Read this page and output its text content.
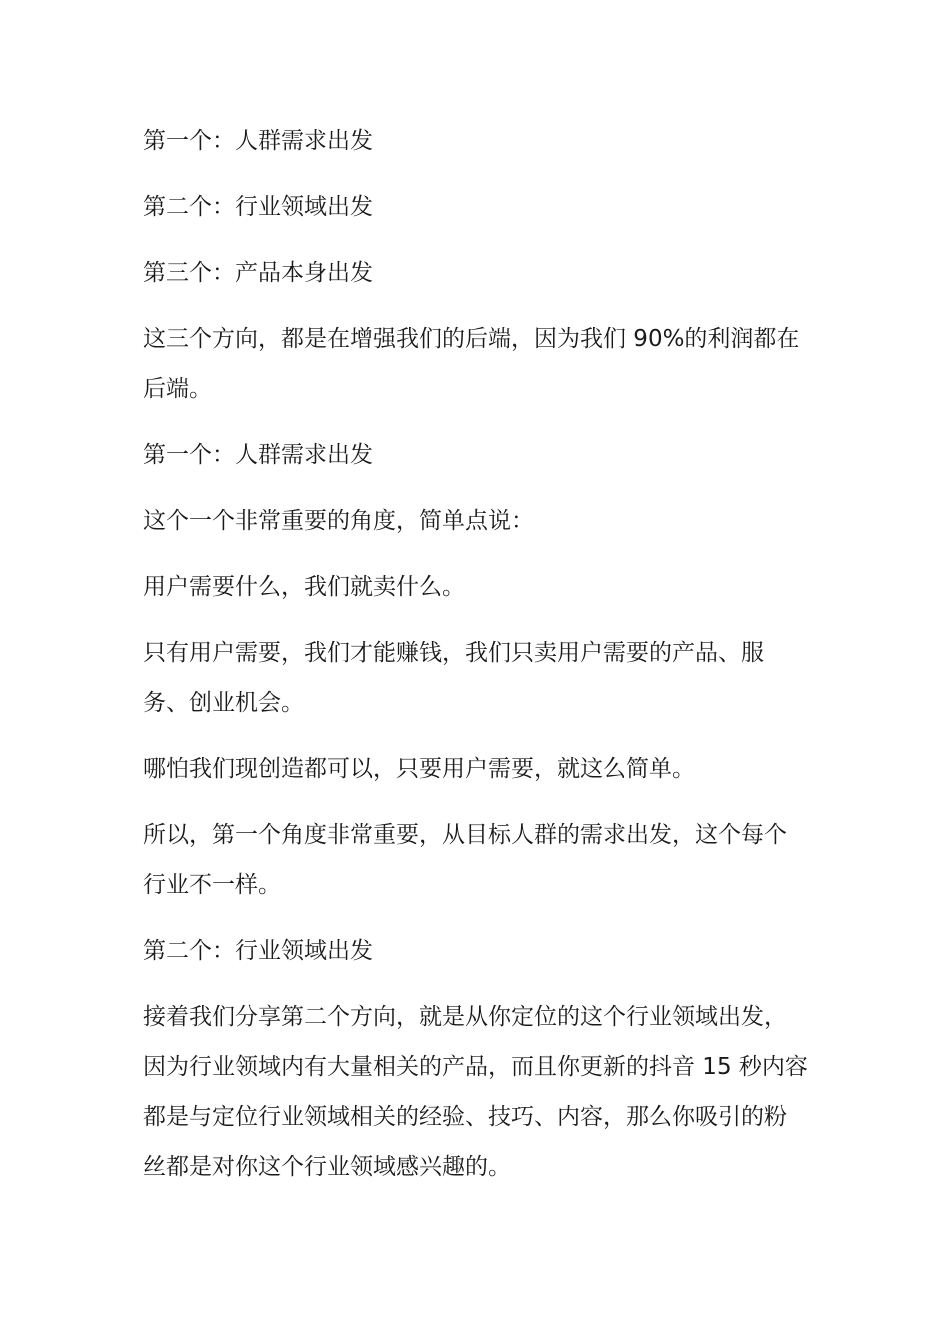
第一个：人群需求出发

第二个：行业领域出发

第三个：产品本身出发

这三个方向，都是在增强我们的后端，因为我们 90%的利润都在后端。

第一个：人群需求出发

这个一个非常重要的角度，简单点说：

用户需要什么，我们就卖什么。

只有用户需要，我们才能赚钱，我们只卖用户需要的产品、服务、创业机会。

哪怕我们现创造都可以，只要用户需要，就这么简单。

所以，第一个角度非常重要，从目标人群的需求出发，这个每个行业不一样。

第二个：行业领域出发

接着我们分享第二个方向，就是从你定位的这个行业领域出发，因为行业领域内有大量相关的产品，而且你更新的抖音 15 秒内容都是与定位行业领域相关的经验、技巧、内容，那么你吸引的粉丝都是对你这个行业领域感兴趣的。
